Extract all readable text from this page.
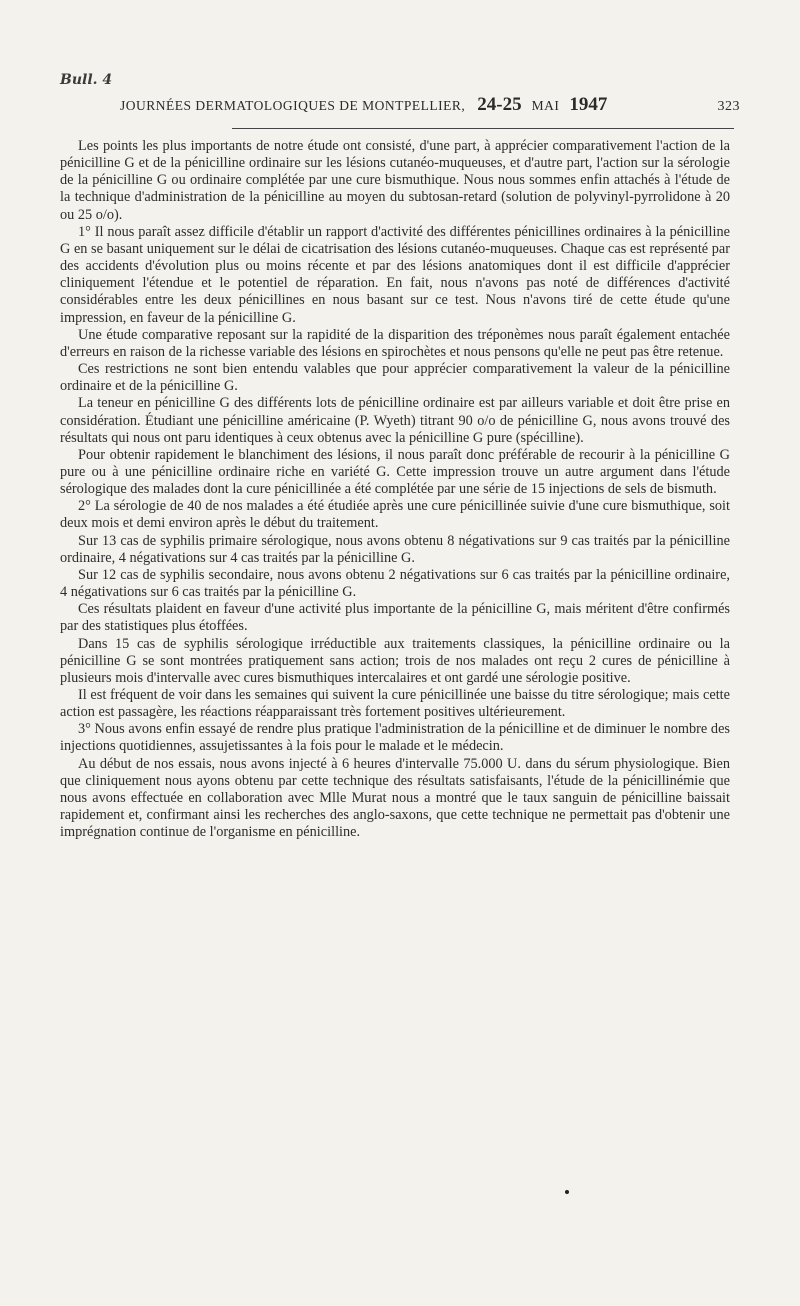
Bull. 4
JOURNÉES DERMATOLOGIQUES DE MONTPELLIER, 24-25 MAI 1947	323

Les points les plus importants de notre étude ont consisté, d'une part, à apprécier comparativement l'action de la pénicilline G et de la pénicilline ordinaire sur les lésions cutanéo-muqueuses, et d'autre part, l'action sur la sérologie de la pénicilline G ou ordinaire complétée par une cure bismuthique. Nous nous sommes enfin attachés à l'étude de la technique d'administration de la pénicilline au moyen du subtosan-retard (solution de polyvinyl-pyrrolidone à 20 ou 25 o/o).

1° Il nous paraît assez difficile d'établir un rapport d'activité des différentes pénicillines ordinaires à la pénicilline G en se basant uniquement sur le délai de cicatrisation des lésions cutanéo-muqueuses. Chaque cas est représenté par des accidents d'évolution plus ou moins récente et par des lésions anatomiques dont il est difficile d'apprécier cliniquement l'étendue et le potentiel de réparation. En fait, nous n'avons pas noté de différences d'activité considérables entre les deux pénicillines en nous basant sur ce test. Nous n'avons tiré de cette étude qu'une impression, en faveur de la pénicilline G.

Une étude comparative reposant sur la rapidité de la disparition des tréponèmes nous paraît également entachée d'erreurs en raison de la richesse variable des lésions en spirochètes et nous pensons qu'elle ne peut pas être retenue.

Ces restrictions ne sont bien entendu valables que pour apprécier comparativement la valeur de la pénicilline ordinaire et de la pénicilline G.

La teneur en pénicilline G des différents lots de pénicilline ordinaire est par ailleurs variable et doit être prise en considération. Étudiant une pénicilline américaine (P. Wyeth) titrant 90 o/o de pénicilline G, nous avons trouvé des résultats qui nous ont paru identiques à ceux obtenus avec la pénicilline G pure (spécilline).

Pour obtenir rapidement le blanchiment des lésions, il nous paraît donc préférable de recourir à la pénicilline G pure ou à une pénicilline ordinaire riche en variété G. Cette impression trouve un autre argument dans l'étude sérologique des malades dont la cure pénicillinée a été complétée par une série de 15 injections de sels de bismuth.

2° La sérologie de 40 de nos malades a été étudiée après une cure pénicillinée suivie d'une cure bismuthique, soit deux mois et demi environ après le début du traitement.

Sur 13 cas de syphilis primaire sérologique, nous avons obtenu 8 négativations sur 9 cas traités par la pénicilline ordinaire, 4 négativations sur 4 cas traités par la pénicilline G.

Sur 12 cas de syphilis secondaire, nous avons obtenu 2 négativations sur 6 cas traités par la pénicilline ordinaire, 4 négativations sur 6 cas traités par la pénicilline G.

Ces résultats plaident en faveur d'une activité plus importante de la pénicilline G, mais méritent d'être confirmés par des statistiques plus étoffées.

Dans 15 cas de syphilis sérologique irréductible aux traitements classiques, la pénicilline ordinaire ou la pénicilline G se sont montrées pratiquement sans action; trois de nos malades ont reçu 2 cures de pénicilline à plusieurs mois d'intervalle avec cures bismuthiques intercalaires et ont gardé une sérologie positive.

Il est fréquent de voir dans les semaines qui suivent la cure pénicillinée une baisse du titre sérologique; mais cette action est passagère, les réactions réapparaissant très fortement positives ultérieurement.

3° Nous avons enfin essayé de rendre plus pratique l'administration de la pénicilline et de diminuer le nombre des injections quotidiennes, assujetissantes à la fois pour le malade et le médecin.

Au début de nos essais, nous avons injecté à 6 heures d'intervalle 75.000 U. dans du sérum physiologique. Bien que cliniquement nous ayons obtenu par cette technique des résultats satisfaisants, l'étude de la pénicillinémie que nous avons effectuée en collaboration avec Mlle Murat nous a montré que le taux sanguin de pénicilline baissait rapidement et, confirmant ainsi les recherches des anglo-saxons, que cette technique ne permettait pas d'obtenir une imprégnation continue de l'organisme en pénicilline.
